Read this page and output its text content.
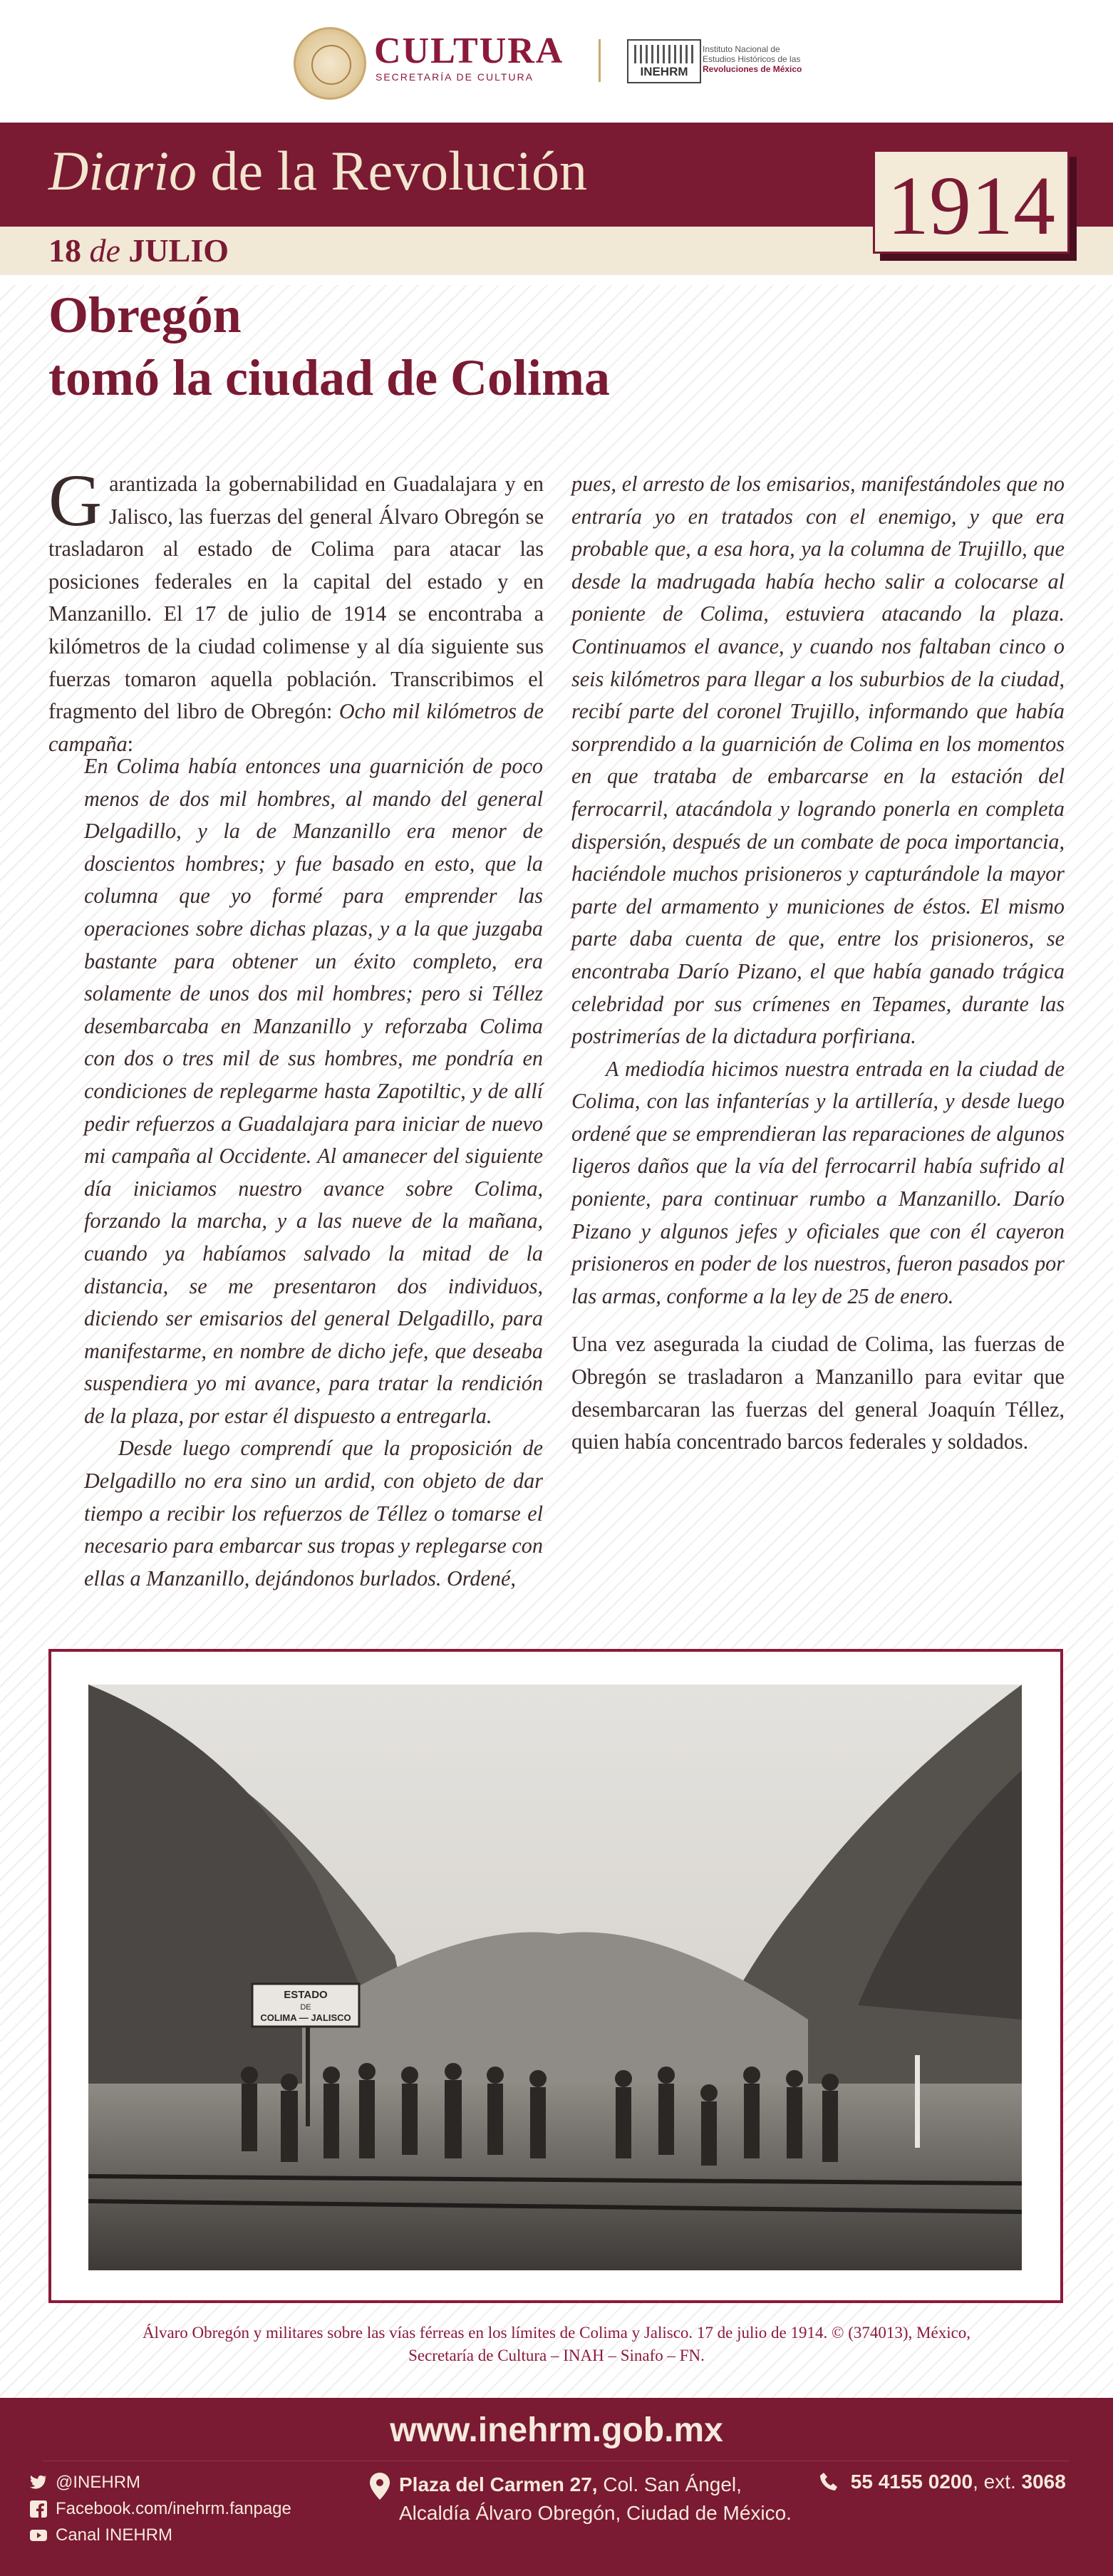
CULTURA
SECRETARÍA DE CULTURA	INEHRM
Instituto Nacional de
Estudios Históricos de las
Revoluciones de México
Diario de la Revolución
18 de JULIO	1914
Obregón
tomó la ciudad de Colima

Garantizada la gobernabilidad en Guadalajara y en Jalisco, las fuerzas del general Álvaro Obregón se trasladaron al estado de Colima para atacar las posiciones federales en la capital del estado y en Manzanillo. El 17 de julio de 1914 se encontraba a kilómetros de la ciudad colimense y al día siguiente sus fuerzas tomaron aquella población. Transcribimos el fragmento del libro de Obregón: Ocho mil kilómetros de campaña:

En Colima había entonces una guarnición de poco menos de dos mil hombres, al mando del general Delgadillo, y la de Manzanillo era menor de doscientos hombres; y fue basado en esto, que la columna que yo formé para emprender las operaciones sobre dichas plazas, y a la que juzgaba bastante para obtener un éxito completo, era solamente de unos dos mil hombres; pero si Téllez desembarcaba en Manzanillo y reforzaba Colima con dos o tres mil de sus hombres, me pondría en condiciones de replegarme hasta Zapotiltic, y de allí pedir refuerzos a Guadalajara para iniciar de nuevo mi campaña al Occidente. Al amanecer del siguiente día iniciamos nuestro avance sobre Colima, forzando la marcha, y a las nueve de la mañana, cuando ya habíamos salvado la mitad de la distancia, se me presentaron dos individuos, diciendo ser emisarios del general Delgadillo, para manifestarme, en nombre de dicho jefe, que deseaba suspendiera yo mi avance, para tratar la rendición de la plaza, por estar él dispuesto a entregarla.

Desde luego comprendí que la proposición de Delgadillo no era sino un ardid, con objeto de dar tiempo a recibir los refuerzos de Téllez o tomarse el necesario para embarcar sus tropas y replegarse con ellas a Manzanillo, dejándonos burlados. Ordené,

pues, el arresto de los emisarios, manifestándoles que no entraría yo en tratados con el enemigo, y que era probable que, a esa hora, ya la columna de Trujillo, que desde la madrugada había hecho salir a colocarse al poniente de Colima, estuviera atacando la plaza. Continuamos el avance, y cuando nos faltaban cinco o seis kilómetros para llegar a los suburbios de la ciudad, recibí parte del coronel Trujillo, informando que había sorprendido a la guarnición de Colima en los momentos en que trataba de embarcarse en la estación del ferrocarril, atacándola y logrando ponerla en completa dispersión, después de un combate de poca importancia, haciéndole muchos prisioneros y capturándole la mayor parte del armamento y municiones de éstos. El mismo parte daba cuenta de que, entre los prisioneros, se encontraba Darío Pizano, el que había ganado trágica celebridad por sus crímenes en Tepames, durante las postrimerías de la dictadura porfiriana.

A mediodía hicimos nuestra entrada en la ciudad de Colima, con las infanterías y la artillería, y desde luego ordené que se emprendieran las reparaciones de algunos ligeros daños que la vía del ferrocarril había sufrido al poniente, para continuar rumbo a Manzanillo. Darío Pizano y algunos jefes y oficiales que con él cayeron prisioneros en poder de los nuestros, fueron pasados por las armas, conforme a la ley de 25 de enero.

Una vez asegurada la ciudad de Colima, las fuerzas de Obregón se trasladaron a Manzanillo para evitar que desembarcaran las fuerzas del general Joaquín Téllez, quien había concentrado barcos federales y soldados.

ESTADO
DE
COLIMA — JALISCO
Álvaro Obregón y militares sobre las vías férreas en los límites de Colima y Jalisco. 17 de julio de 1914. © (374013), México,
Secretaría de Cultura – INAH – Sinafo – FN.
www.inehrm.gob.mx
@INEHRM
Facebook.com/inehrm.fanpage
Canal INEHRM
Plaza del Carmen 27, Col. San Ángel,
Alcaldía Álvaro Obregón, Ciudad de México.
55 4155 0200, ext. 3068
